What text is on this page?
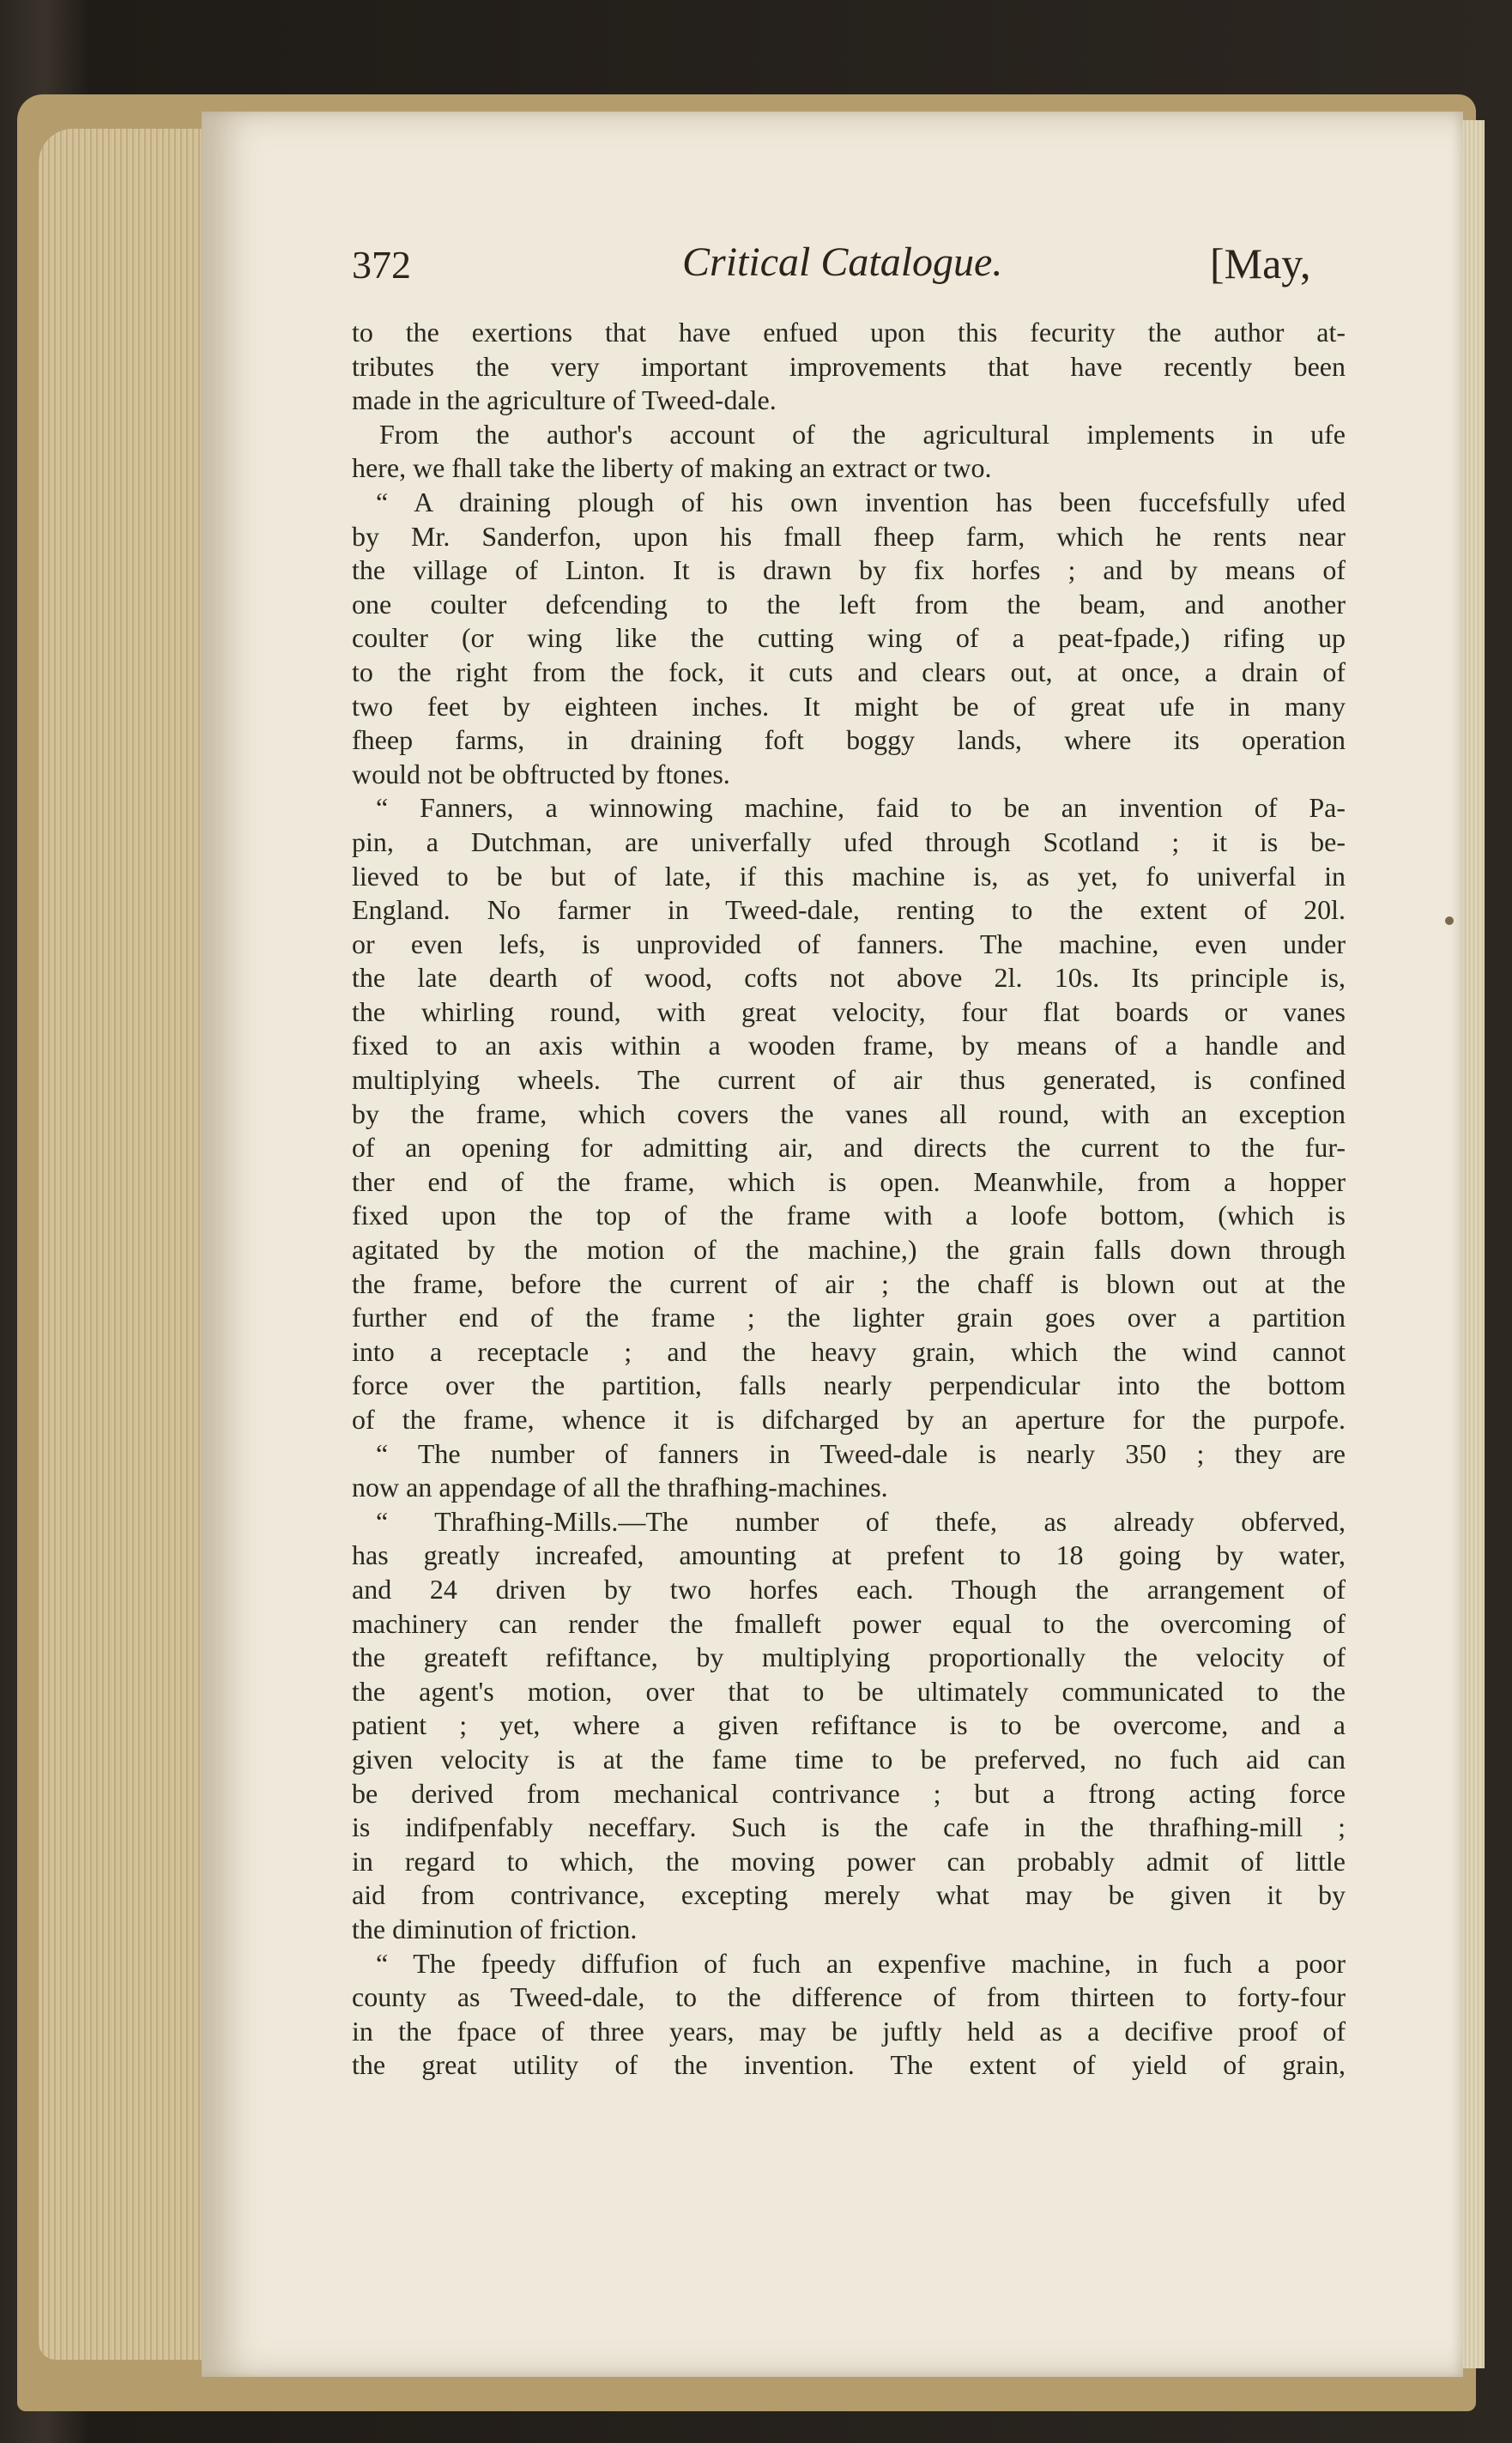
372	Critical Catalogue.	[May,
to the exertions that have enfued upon this fecurity the author at-
tributes the very important improvements that have recently been
made in the agriculture of Tweed-dale.
From the author's account of the agricultural implements in ufe
here, we fhall take the liberty of making an extract or two.
“ A draining plough of his own invention has been fuccefsfully ufed
by Mr. Sanderfon, upon his fmall fheep farm, which he rents near
the village of Linton. It is drawn by fix horfes ; and by means of
one coulter defcending to the left from the beam, and another
coulter (or wing like the cutting wing of a peat-fpade,) rifing up
to the right from the fock, it cuts and clears out, at once, a drain of
two feet by eighteen inches. It might be of great ufe in many
fheep farms, in draining foft boggy lands, where its operation
would not be obftructed by ftones.
“ Fanners, a winnowing machine, faid to be an invention of Pa-
pin, a Dutchman, are univerfally ufed through Scotland ; it is be-
lieved to be but of late, if this machine is, as yet, fo univerfal in
England. No farmer in Tweed-dale, renting to the extent of 20l.
or even lefs, is unprovided of fanners. The machine, even under
the late dearth of wood, cofts not above 2l. 10s. Its principle is,
the whirling round, with great velocity, four flat boards or vanes
fixed to an axis within a wooden frame, by means of a handle and
multiplying wheels. The current of air thus generated, is confined
by the frame, which covers the vanes all round, with an exception
of an opening for admitting air, and directs the current to the fur-
ther end of the frame, which is open. Meanwhile, from a hopper
fixed upon the top of the frame with a loofe bottom, (which is
agitated by the motion of the machine,) the grain falls down through
the frame, before the current of air ; the chaff is blown out at the
further end of the frame ; the lighter grain goes over a partition
into a receptacle ; and the heavy grain, which the wind cannot
force over the partition, falls nearly perpendicular into the bottom
of the frame, whence it is difcharged by an aperture for the purpofe.
“ The number of fanners in Tweed-dale is nearly 350 ; they are
now an appendage of all the thrafhing-machines.
“ Thrafhing-Mills.—The number of thefe, as already obferved,
has greatly increafed, amounting at prefent to 18 going by water,
and 24 driven by two horfes each. Though the arrangement of
machinery can render the fmalleft power equal to the overcoming of
the greateft refiftance, by multiplying proportionally the velocity of
the agent's motion, over that to be ultimately communicated to the
patient ; yet, where a given refiftance is to be overcome, and a
given velocity is at the fame time to be preferved, no fuch aid can
be derived from mechanical contrivance ; but a ftrong acting force
is indifpenfably neceffary. Such is the cafe in the thrafhing-mill ;
in regard to which, the moving power can probably admit of little
aid from contrivance, excepting merely what may be given it by
the diminution of friction.
“ The fpeedy diffufion of fuch an expenfive machine, in fuch a poor
county as Tweed-dale, to the difference of from thirteen to forty-four
in the fpace of three years, may be juftly held as a decifive proof of
the great utility of the invention. The extent of yield of grain,
